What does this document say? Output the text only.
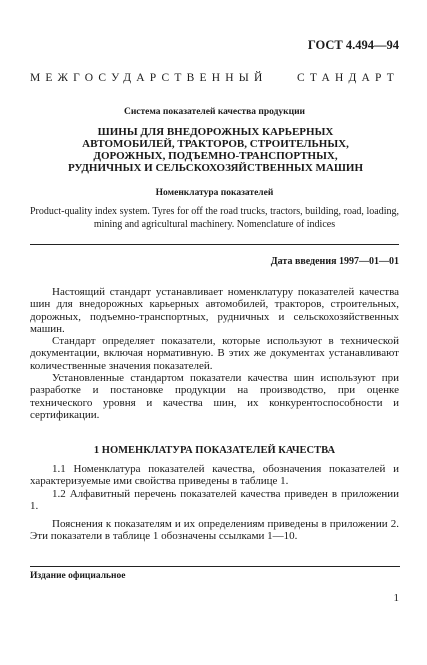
ГОСТ 4.494—94
МЕЖГОСУДАРСТВЕННЫЙ СТАНДАРТ
Система показателей качества продукции
ШИНЫ ДЛЯ ВНЕДОРОЖНЫХ КАРЬЕРНЫХ АВТОМОБИЛЕЙ, ТРАКТОРОВ, СТРОИТЕЛЬНЫХ, ДОРОЖНЫХ, ПОДЪЕМНО-ТРАНСПОРТНЫХ, РУДНИЧНЫХ И СЕЛЬСКОХОЗЯЙСТВЕННЫХ МАШИН
Номенклатура показателей
Product-quality index system. Tyres for off the road trucks, tractors, building, road, loading, mining and agricultural machinery. Nomenclature of indices
Дата введения 1997—01—01
Настоящий стандарт устанавливает номенклатуру показателей качества шин для внедорожных карьерных автомобилей, тракторов, строительных, дорожных, подъемно-транспортных, рудничных и сельскохозяйственных машин.
Стандарт определяет показатели, которые используют в технической документации, включая нормативную. В этих же документах устанавливают количественные значения показателей.
Установленные стандартом показатели качества шин используют при разработке и постановке продукции на производство, при оценке технического уровня и качества шин, их конкурентоспособности и сертификации.
1 НОМЕНКЛАТУРА ПОКАЗАТЕЛЕЙ КАЧЕСТВА
1.1 Номенклатура показателей качества, обозначения показателей и характеризуемые ими свойства приведены в таблице 1.
1.2 Алфавитный перечень показателей качества приведен в приложении 1.
Пояснения к показателям и их определениям приведены в приложении 2. Эти показатели в таблице 1 обозначены ссылками 1—10.
Издание официальное
1
